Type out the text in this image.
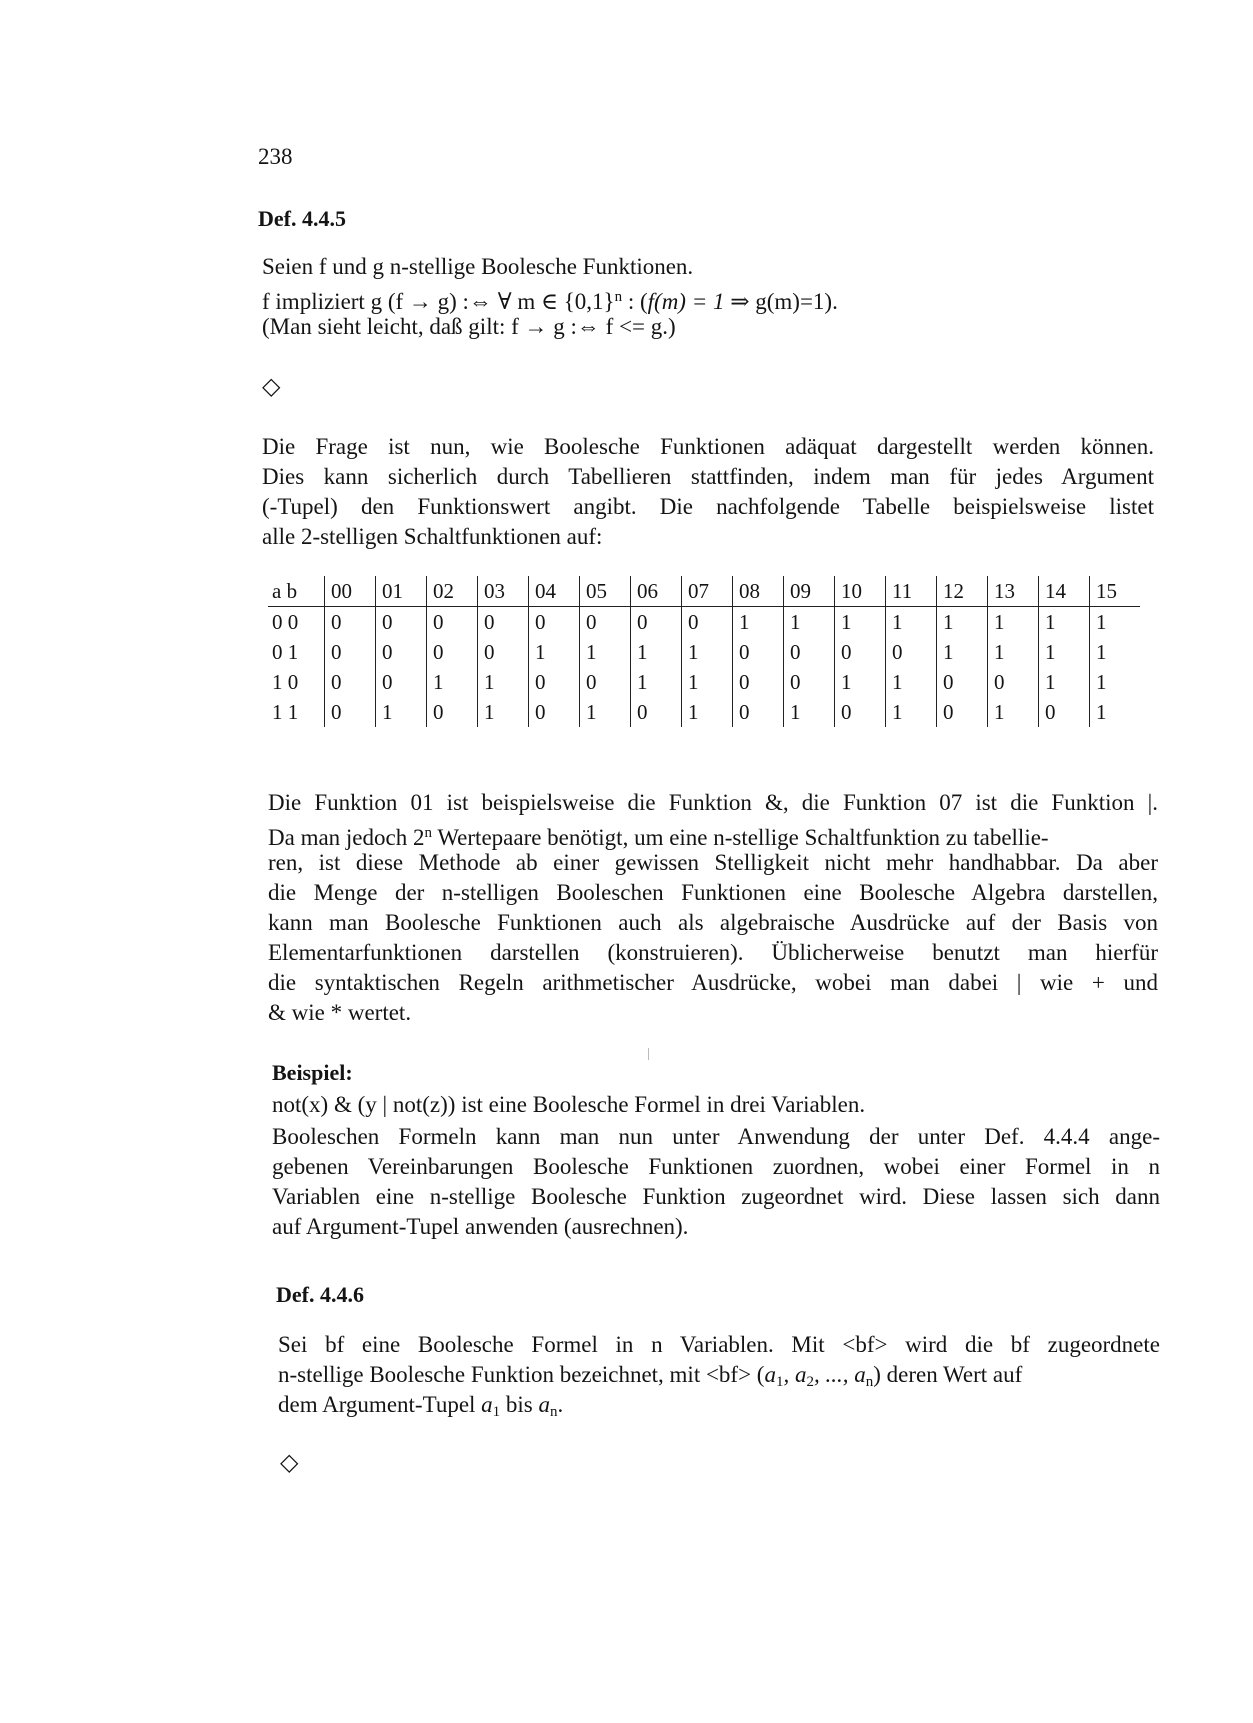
238
Def. 4.4.5
Seien f und g n-stellige Boolesche Funktionen.
f impliziert g (f → g) :⇔ ∀ m ∈ $\{0,1\}^n$ : (f(m) = 1 ⇒ g(m)=1).
(Man sieht leicht, daß gilt: f → g :⇔ f <= g.)
◇
Die Frage ist nun, wie Boolesche Funktionen adäquat dargestellt werden können.
Dies kann sicherlich durch Tabellieren stattfinden, indem man für jedes Argument
(-Tupel) den Funktionswert angibt. Die nachfolgende Tabelle beispielsweise listet
alle 2-stelligen Schaltfunktionen auf:
a b	00	01	02	03	04	05	06	07	08	09	10	11	12	13	14	15
0 0	0	0	0	0	0	0	0	0	1	1	1	1	1	1	1	1
0 1	0	0	0	0	1	1	1	1	0	0	0	0	1	1	1	1
1 0	0	0	1	1	0	0	1	1	0	0	1	1	0	0	1	1
1 1	0	1	0	1	0	1	0	1	0	1	0	1	0	1	0	1
Die Funktion 01 ist beispielsweise die Funktion &, die Funktion 07 ist die Funktion |.
Da man jedoch 2$^n$ Wertepaare benötigt, um eine n-stellige Schaltfunktion zu tabellie-
ren, ist diese Methode ab einer gewissen Stelligkeit nicht mehr handhabbar. Da aber
die Menge der n-stelligen Booleschen Funktionen eine Boolesche Algebra darstellen,
kann man Boolesche Funktionen auch als algebraische Ausdrücke auf der Basis von
Elementarfunktionen darstellen (konstruieren). Üblicherweise benutzt man hierfür
die syntaktischen Regeln arithmetischer Ausdrücke, wobei man dabei | wie + und
& wie * wertet.
Beispiel:
not(x) & (y | not(z)) ist eine Boolesche Formel in drei Variablen.
Booleschen Formeln kann man nun unter Anwendung der unter Def. 4.4.4 ange-
gebenen Vereinbarungen Boolesche Funktionen zuordnen, wobei einer Formel in n
Variablen eine n-stellige Boolesche Funktion zugeordnet wird. Diese lassen sich dann
auf Argument-Tupel anwenden (ausrechnen).
Def. 4.4.6
Sei bf eine Boolesche Formel in n Variablen. Mit <bf> wird die bf zugeordnete
n-stellige Boolesche Funktion bezeichnet, mit $<bf> (a_1$, $a_2$, ..., $a_n$) deren Wert auf
dem Argument-Tupel $a_1$ bis $a_n$.
◇
